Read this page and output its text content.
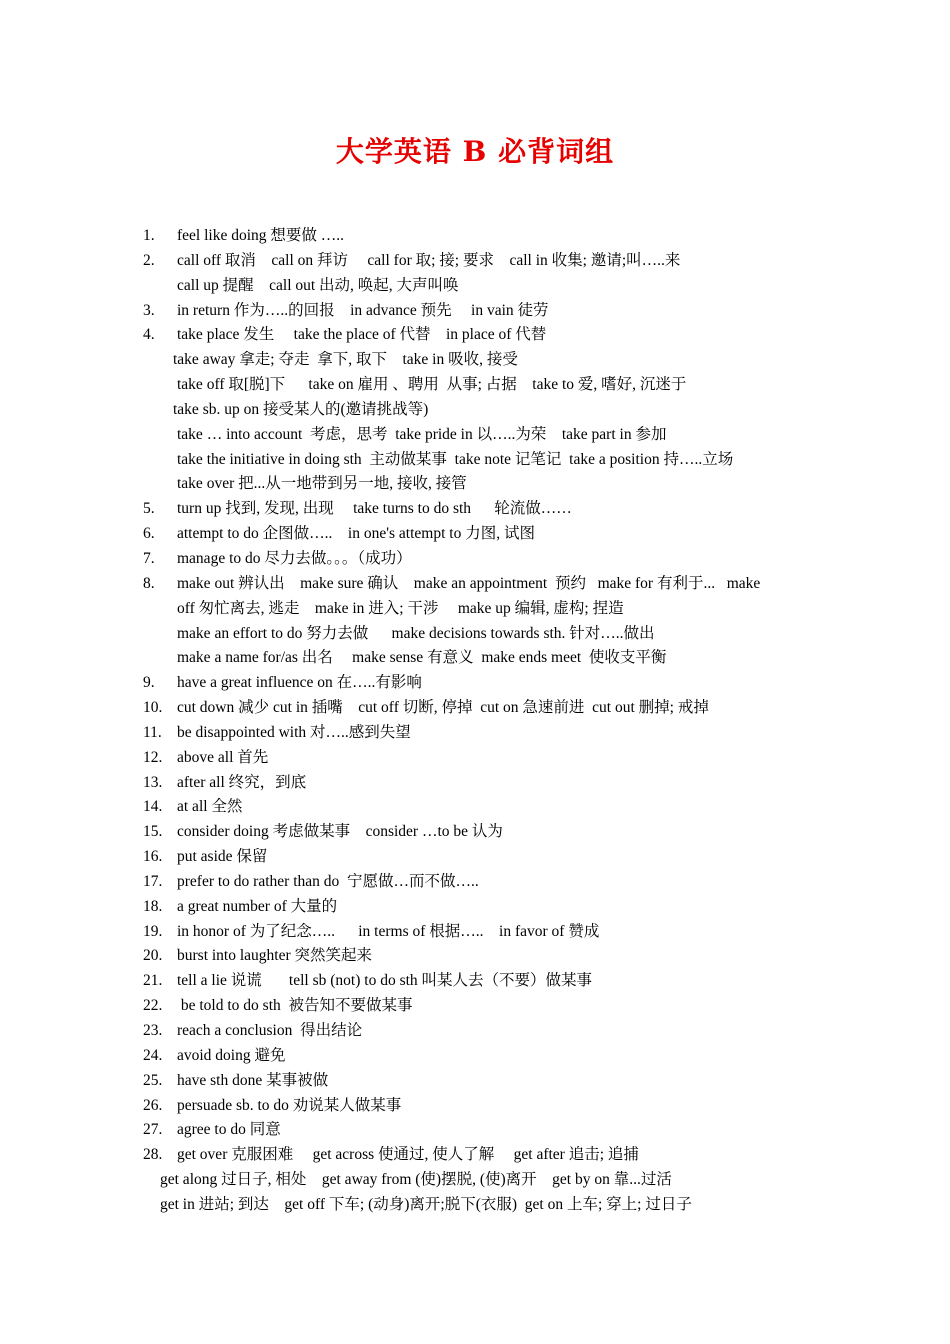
大学英语 B 必背词组
1.	feel like doing 想要做 …..
2.	call off 取消    call on 拜访     call for 取; 接; 要求    call in 收集; 邀请;叫…..来
call up 提醒    call out 出动, 唤起, 大声叫唤
3.	in return 作为…..的回报    in advance 预先     in vain 徒劳
4.	take place 发生     take the place of 代替    in place of 代替
take away 拿走; 夺走  拿下, 取下    take in 吸收, 接受
take off 取[脱]下      take on 雇用 、聘用  从事; 占据    take to 爱, 嗜好, 沉迷于
take sb. up on 接受某人的(邀请挑战等)
take … into account  考虑，思考  take pride in 以…..为荣    take part in 参加
take the initiative in doing sth  主动做某事  take note 记笔记  take a position 持…..立场
take over 把...从一地带到另一地, 接收, 接管
5.	turn up 找到, 发现, 出现     take turns to do sth      轮流做……
6.	attempt to do 企图做…..    in one's attempt to 力图, 试图
7.	manage to do 尽力去做。。。（成功）
8.	make out 辨认出    make sure 确认    make an appointment  预约   make for 有利于...   make
off 匆忙离去, 逃走    make in 进入; 干涉     make up 编辑, 虚构; 捏造
make an effort to do 努力去做      make decisions towards sth. 针对…..做出
make a name for/as 出名     make sense 有意义  make ends meet  使收支平衡
9.	have a great influence on 在…..有影响
10. cut down 减少 cut in 插嘴    cut off 切断, 停掉  cut on 急速前进  cut out 删掉; 戒掉
11. be disappointed with 对…..感到失望
12. above all 首先
13. after all 终究，到底
14. at all 全然
15. consider doing 考虑做某事    consider …to be 认为
16. put aside 保留
17. prefer to do rather than do  宁愿做…而不做…..
18. a great number of 大量的
19. in honor of 为了纪念…..      in terms of 根据…..    in favor of 赞成
20. burst into laughter 突然笑起来
21. tell a lie 说谎       tell sb (not) to do sth 叫某人去（不要）做某事
22. be told to do sth  被告知不要做某事
23. reach a conclusion  得出结论
24. avoid doing 避免
25. have sth done 某事被做
26. persuade sb. to do 劝说某人做某事
27. agree to do 同意
28. get over 克服困难     get across 使通过, 使人了解     get after 追击; 追捕
get along 过日子, 相处    get away from (使)摆脱, (使)离开    get by on 靠...过活
get in 进站; 到达    get off 下车; (动身)离开;脱下(衣服)  get on 上车; 穿上; 过日子
